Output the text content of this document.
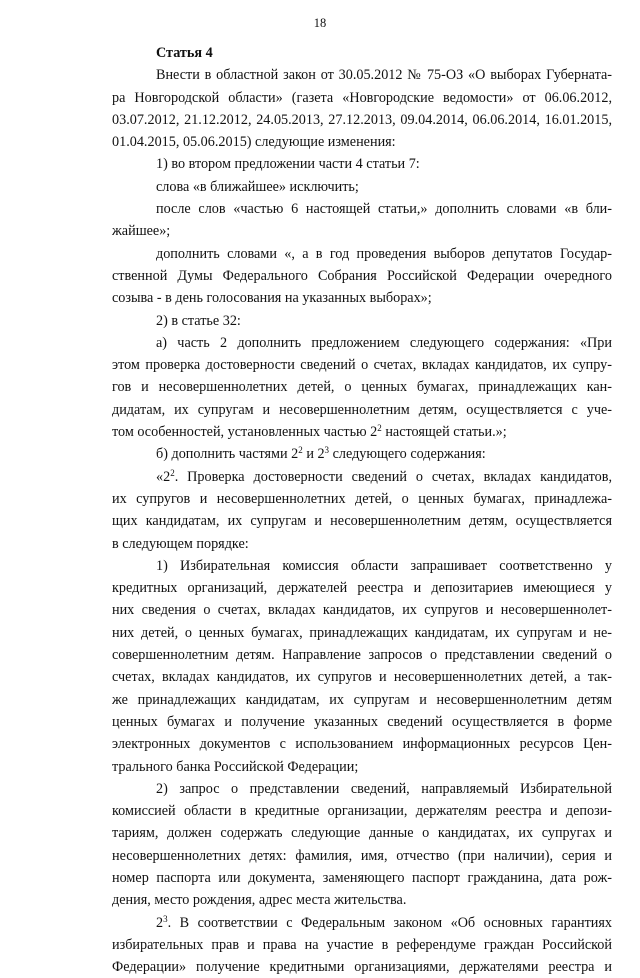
18
Статья 4
Внести в областной закон от 30.05.2012 № 75-ОЗ «О выборах Губерната-
ра Новгородской области» (газета «Новгородские ведомости» от 06.06.2012,
03.07.2012, 21.12.2012, 24.05.2013, 27.12.2013, 09.04.2014, 06.06.2014, 16.01.2015,
01.04.2015, 05.06.2015) следующие изменения:
1) во втором предложении части 4 статьи 7:
слова «в ближайшее» исключить;
после слов «частью 6 настоящей статьи,» дополнить словами «в бли-
жайшее»;
дополнить словами «, а в год проведения выборов депутатов Государ-
ственной Думы Федерального Собрания Российской Федерации очередного
созыва - в день голосования на указанных выборах»;
2) в статье 32:
а) часть 2 дополнить предложением следующего содержания: «При
этом проверка достоверности сведений о счетах, вкладах кандидатов, их супру-
гов и несовершеннолетних детей, о ценных бумагах, принадлежащих кан-
дидатам, их супругам и несовершеннолетним детям, осуществляется с уче-
том особенностей, установленных частью $2^2$ настоящей статьи.»;
б) дополнить частями $2^2$ и $2^3$ следующего содержания:
«$2^2$. Проверка достоверности сведений о счетах, вкладах кандидатов,
их супругов и несовершеннолетних детей, о ценных бумагах, принадлежа-
щих кандидатам, их супругам и несовершеннолетним детям, осуществляется
в следующем порядке:
1) Избирательная комиссия области запрашивает соответственно у
кредитных организаций, держателей реестра и депозитариев имеющиеся у
них сведения о счетах, вкладах кандидатов, их супругов и несовершеннолет-
них детей, о ценных бумагах, принадлежащих кандидатам, их супругам и не-
совершеннолетним детям. Направление запросов о представлении сведений о
счетах, вкладах кандидатов, их супругов и несовершеннолетних детей, а так-
же принадлежащих кандидатам, их супругам и несовершеннолетним детям
ценных бумагах и получение указанных сведений осуществляется в форме
электронных документов с использованием информационных ресурсов Цен-
трального банка Российской Федерации;
2) запрос о представлении сведений, направляемый Избирательной
комиссией области в кредитные организации, держателям реестра и депози-
тариям, должен содержать следующие данные о кандидатах, их супругах и
несовершеннолетних детях: фамилия, имя, отчество (при наличии), серия и
номер паспорта или документа, заменяющего паспорт гражданина, дата рож-
дения, место рождения, адрес места жительства.
$2^3$. В соответствии с Федеральным законом «Об основных гарантиях
избирательных прав и права на участие в референдуме граждан Российской
Федерации» получение кредитными организациями, держателями реестра и
